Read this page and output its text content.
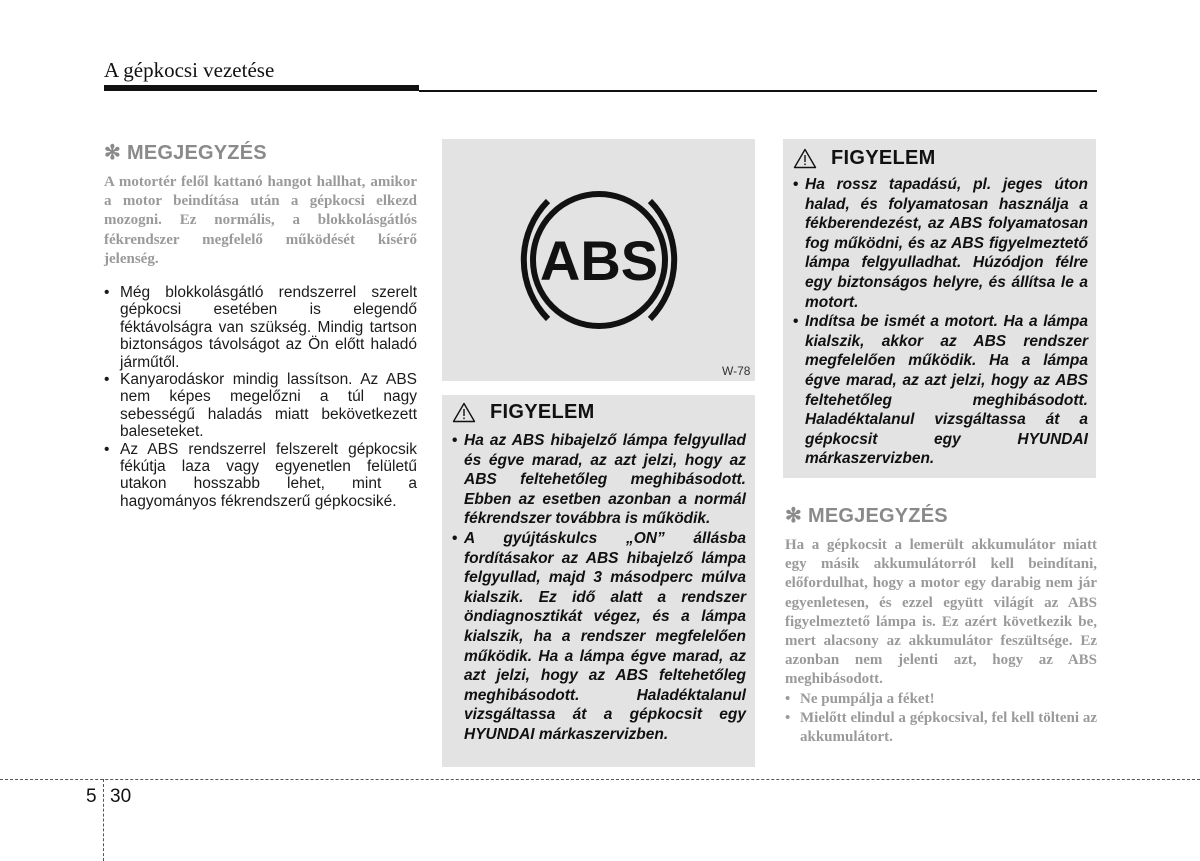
A gépkocsi vezetése
✻ MEGJEGYZÉS
A motortér felől kattanó hangot hallhat, amikor a motor beindítása után a gépkocsi elkezd mozogni. Ez normális, a blokkolásgátlós fékrendszer megfelelő működését kísérő jelenség.
• Még blokkolásgátló rendszerrel szerelt gépkocsi esetében is elegendő féktávolságra van szükség. Mindig tartson biztonságos távolságot az Ön előtt haladó járműtől.
• Kanyarodáskor mindig lassítson. Az ABS nem képes megelőzni a túl nagy sebességű haladás miatt bekövetkezett baleseteket.
• Az ABS rendszerrel felszerelt gépkocsik fékútja laza vagy egyenetlen felületű utakon hosszabb lehet, mint a hagyományos fékrendszerű gépkocsiké.
ABS
W-78
FIGYELEM
• Ha az ABS hibajelző lámpa felgyullad és égve marad, az azt jelzi, hogy az ABS feltehetőleg meghibásodott. Ebben az esetben azonban a normál fékrendszer továbbra is működik.
• A gyújtáskulcs „ON” állásba fordításakor az ABS hibajelző lámpa felgyullad, majd 3 másodperc múlva kialszik. Ez idő alatt a rendszer öndiagnosztikát végez, és a lámpa kialszik, ha a rendszer megfelelően működik. Ha a lámpa égve marad, az azt jelzi, hogy az ABS feltehetőleg meghibásodott. Haladéktalanul vizsgáltassa át a gépkocsit egy HYUNDAI márkaszervizben.
FIGYELEM
• Ha rossz tapadású, pl. jeges úton halad, és folyamatosan használja a fékberendezést, az ABS folyamatosan fog működni, és az ABS figyelmeztető lámpa felgyulladhat. Húzódjon félre egy biztonságos helyre, és állítsa le a motort.
• Indítsa be ismét a motort. Ha a lámpa kialszik, akkor az ABS rendszer megfelelően működik. Ha a lámpa égve marad, az azt jelzi, hogy az ABS feltehetőleg meghibásodott. Haladéktalanul vizsgáltassa át a gépkocsit egy HYUNDAI márkaszervizben.
✻ MEGJEGYZÉS
Ha a gépkocsit a lemerült akkumulátor miatt egy másik akkumulátorról kell beindítani, előfordulhat, hogy a motor egy darabig nem jár egyenletesen, és ezzel együtt világít az ABS figyelmeztető lámpa is. Ez azért következik be, mert alacsony az akkumulátor feszültsége. Ez azonban nem jelenti azt, hogy az ABS meghibásodott.
• Ne pumpálja a féket!
• Mielőtt elindul a gépkocsival, fel kell tölteni az akkumulátort.
5 30
